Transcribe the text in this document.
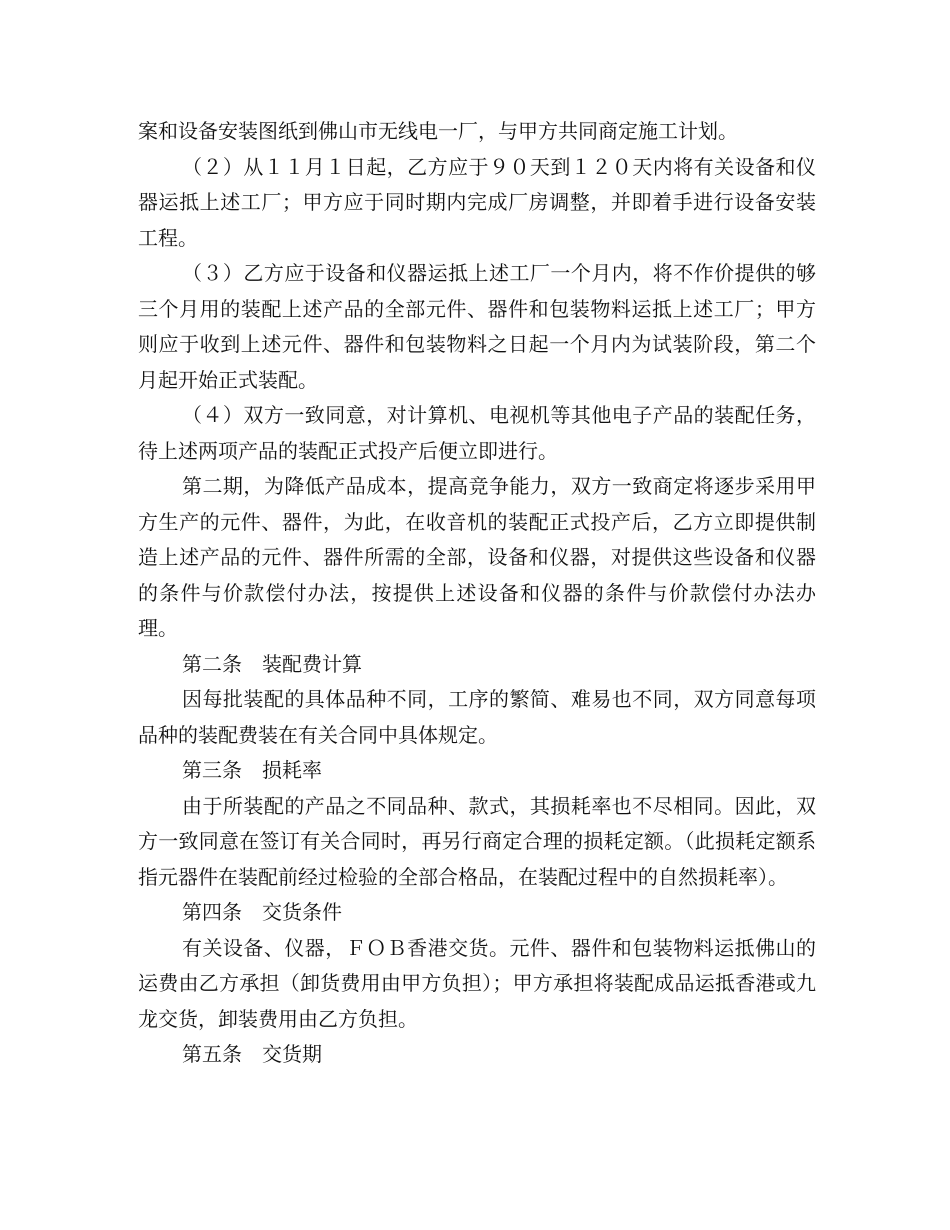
案和设备安装图纸到佛山市无线电一厂，与甲方共同商定施工计划。

（２）从１１月１日起，乙方应于９０天到１２０天内将有关设备和仪器运抵上述工厂；甲方应于同时期内完成厂房调整，并即着手进行设备安装工程。

（３）乙方应于设备和仪器运抵上述工厂一个月内，将不作价提供的够三个月用的装配上述产品的全部元件、器件和包装物料运抵上述工厂；甲方则应于收到上述元件、器件和包装物料之日起一个月内为试装阶段，第二个月起开始正式装配。

（４）双方一致同意，对计算机、电视机等其他电子产品的装配任务，待上述两项产品的装配正式投产后便立即进行。

第二期，为降低产品成本，提高竞争能力，双方一致商定将逐步采用甲方生产的元件、器件，为此，在收音机的装配正式投产后，乙方立即提供制造上述产品的元件、器件所需的全部，设备和仪器，对提供这些设备和仪器的条件与价款偿付办法，按提供上述设备和仪器的条件与价款偿付办法办理。

第二条　装配费计算

因每批装配的具体品种不同，工序的繁简、难易也不同，双方同意每项品种的装配费装在有关合同中具体规定。

第三条　损耗率

由于所装配的产品之不同品种、款式，其损耗率也不尽相同。因此，双方一致同意在签订有关合同时，再另行商定合理的损耗定额。（此损耗定额系指元器件在装配前经过检验的全部合格品，在装配过程中的自然损耗率）。

第四条　交货条件

有关设备、仪器，ＦＯＢ香港交货。元件、器件和包装物料运抵佛山的运费由乙方承担（卸货费用由甲方负担）；甲方承担将装配成品运抵香港或九龙交货，卸装费用由乙方负担。

第五条　交货期
